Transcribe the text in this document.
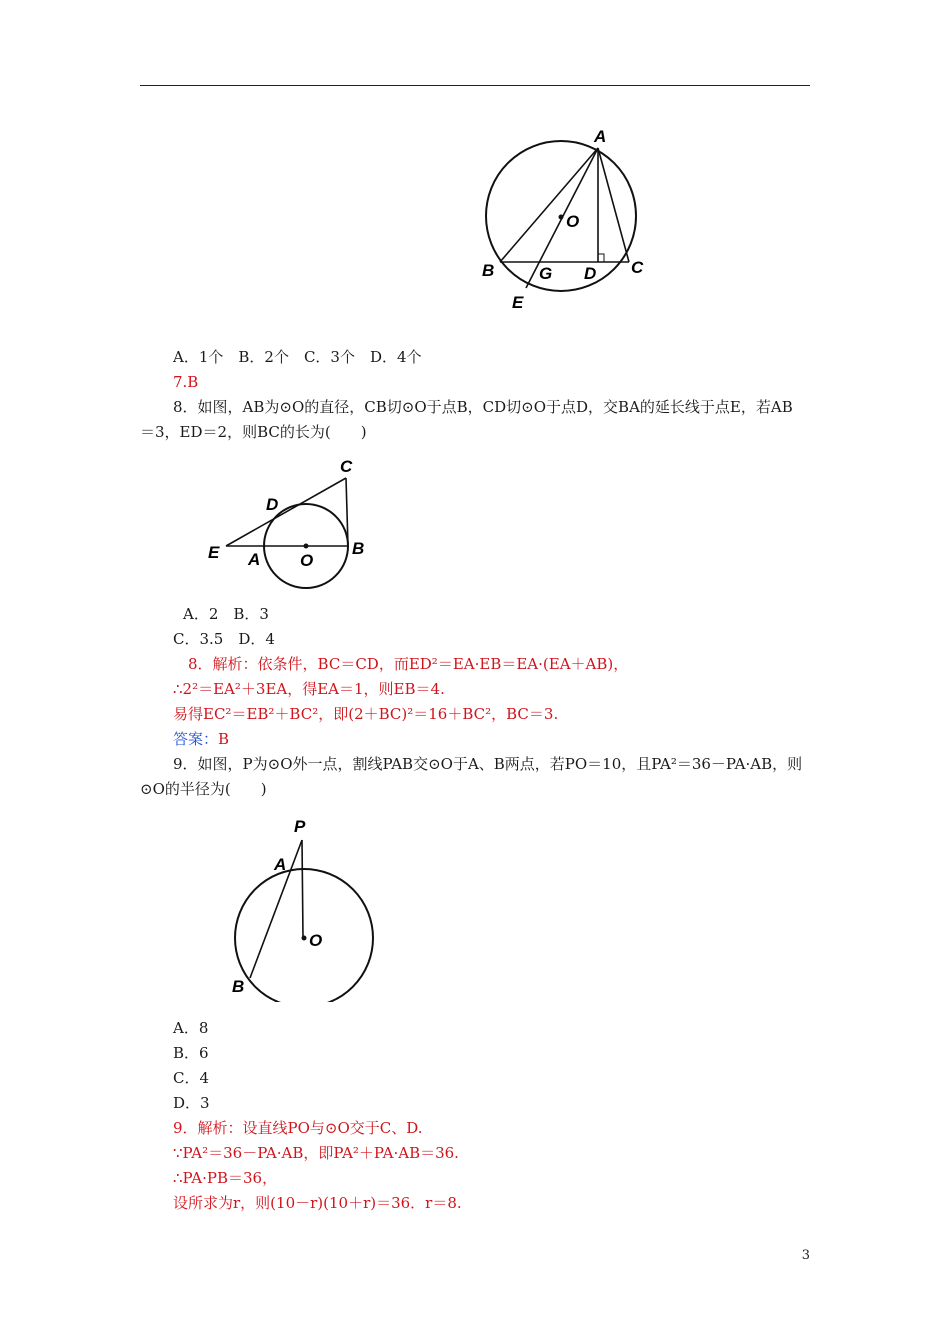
A
O
B	G D C
E
A．1个　B．2个　C．3个　D．4个
7.B
8．如图，AB为⊙O的直径，CB切⊙O于点B，CD切⊙O于点D，交BA的延长线于点E，若AB
＝3，ED＝2，则BC的长为(　　)
C
D
E A O
B
A．2　B．3
C．3.5　D．4
8．解析：依条件，BC＝CD，而ED²＝EA·EB＝EA·(EA＋AB)，
∴2²＝EA²＋3EA，得EA＝1，则EB＝4.
易得EC²＝EB²＋BC²，即(2＋BC)²＝16＋BC²，BC＝3.
答案：B
9．如图，P为⊙O外一点，割线PAB交⊙O于A、B两点，若PO＝10，且PA²＝36－PA·AB，则
⊙O的半径为(　　)
P
A
O
B
A．8
B．6
C．4
D．3
9．解析：设直线PO与⊙O交于C、D.
∵PA²＝36－PA·AB，即PA²＋PA·AB＝36.
∴PA·PB＝36，
设所求为r，则(10－r)(10＋r)＝36．r＝8.
3
